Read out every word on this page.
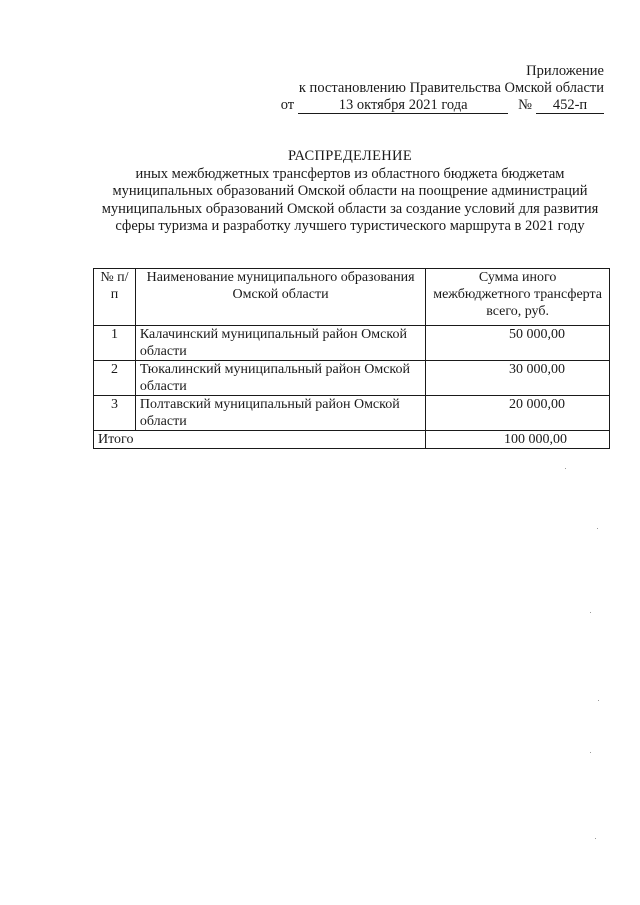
Приложение
к постановлению Правительства Омской области
от	13 октября 2021 года	№	452-п
РАСПРЕДЕЛЕНИЕ
иных межбюджетных трансфертов из областного бюджета бюджетам муниципальных образований Омской области на поощрение администраций муниципальных образований Омской области за создание условий для развития сферы туризма и разработку лучшего туристического маршрута в 2021 году
№ п/п	Наименование муниципального образования Омской области	Сумма иного межбюджетного трансферта всего, руб.
1	Калачинский муниципальный район Омской области	50 000,00
2	Тюкалинский муниципальный район Омской области	30 000,00
3	Полтавский муниципальный район Омской области	20 000,00
Итого		100 000,00
